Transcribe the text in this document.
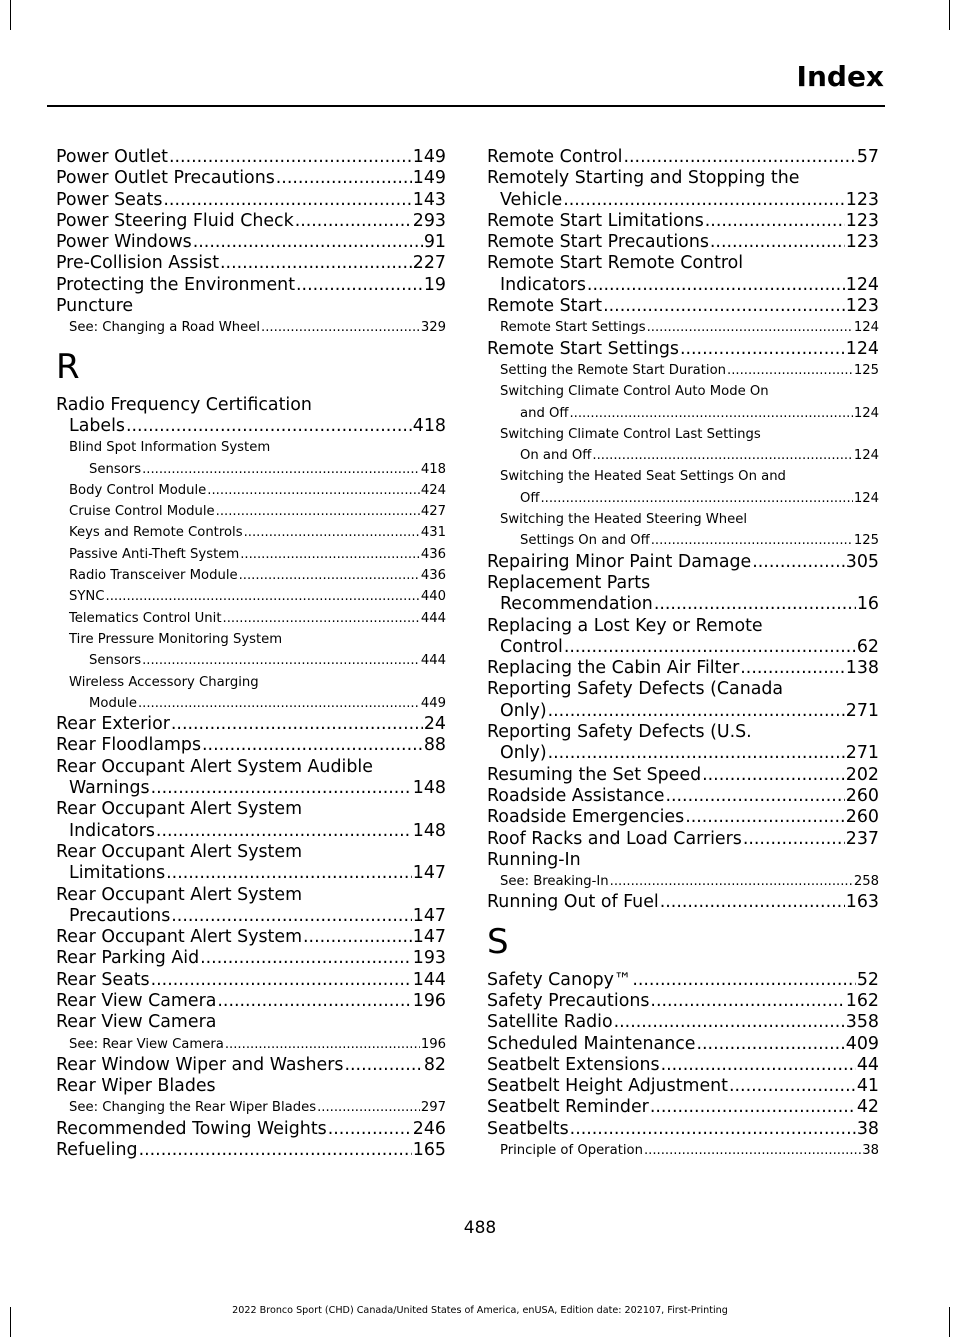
Index
Power Outlet .....	149
Power Outlet Precautions .....	149
Power Seats .....	143
Power Steering Fluid Check .....	293
Power Windows .....	91
Pre-Collision Assist .....	227
Protecting the Environment .....	19
Puncture
See: Changing a Road Wheel .....	329
R
Radio Frequency Certification
Labels .....	418
Blind Spot Information System
Sensors .....	418
Body Control Module .....	424
Cruise Control Module .....	427
Keys and Remote Controls .....	431
Passive Anti-Theft System .....	436
Radio Transceiver Module .....	436
SYNC .....	440
Telematics Control Unit .....	444
Tire Pressure Monitoring System
Sensors .....	444
Wireless Accessory Charging
Module .....	449
Rear Exterior .....	24
Rear Floodlamps .....	88
Rear Occupant Alert System Audible
Warnings .....	148
Rear Occupant Alert System
Indicators .....	148
Rear Occupant Alert System
Limitations .....	147
Rear Occupant Alert System
Precautions .....	147
Rear Occupant Alert System .....	147
Rear Parking Aid .....	193
Rear Seats .....	144
Rear View Camera .....	196
Rear View Camera
See: Rear View Camera .....	196
Rear Window Wiper and Washers .....	82
Rear Wiper Blades
See: Changing the Rear Wiper Blades .....	297
Recommended Towing Weights .....	246
Refueling .....	165
Remote Control .....	57
Remotely Starting and Stopping the
Vehicle .....	123
Remote Start Limitations .....	123
Remote Start Precautions .....	123
Remote Start Remote Control
Indicators .....	124
Remote Start .....	123
Remote Start Settings .....	124
Remote Start Settings .....	124
Setting the Remote Start Duration .....	125
Switching Climate Control Auto Mode On
and Off .....	124
Switching Climate Control Last Settings
On and Off .....	124
Switching the Heated Seat Settings On and
Off .....	124
Switching the Heated Steering Wheel
Settings On and Off .....	125
Repairing Minor Paint Damage .....	305
Replacement Parts
Recommendation .....	16
Replacing a Lost Key or Remote
Control .....	62
Replacing the Cabin Air Filter .....	138
Reporting Safety Defects (Canada
Only) .....	271
Reporting Safety Defects (U.S.
Only) .....	271
Resuming the Set Speed .....	202
Roadside Assistance .....	260
Roadside Emergencies .....	260
Roof Racks and Load Carriers .....	237
Running-In
See: Breaking-In .....	258
Running Out of Fuel .....	163
S
Safety Canopy™ .....	52
Safety Precautions .....	162
Satellite Radio .....	358
Scheduled Maintenance .....	409
Seatbelt Extensions .....	44
Seatbelt Height Adjustment .....	41
Seatbelt Reminder .....	42
Seatbelts .....	38
Principle of Operation .....	38
488
2022 Bronco Sport (CHD) Canada/United States of America, enUSA, Edition date: 202107, First-Printing
